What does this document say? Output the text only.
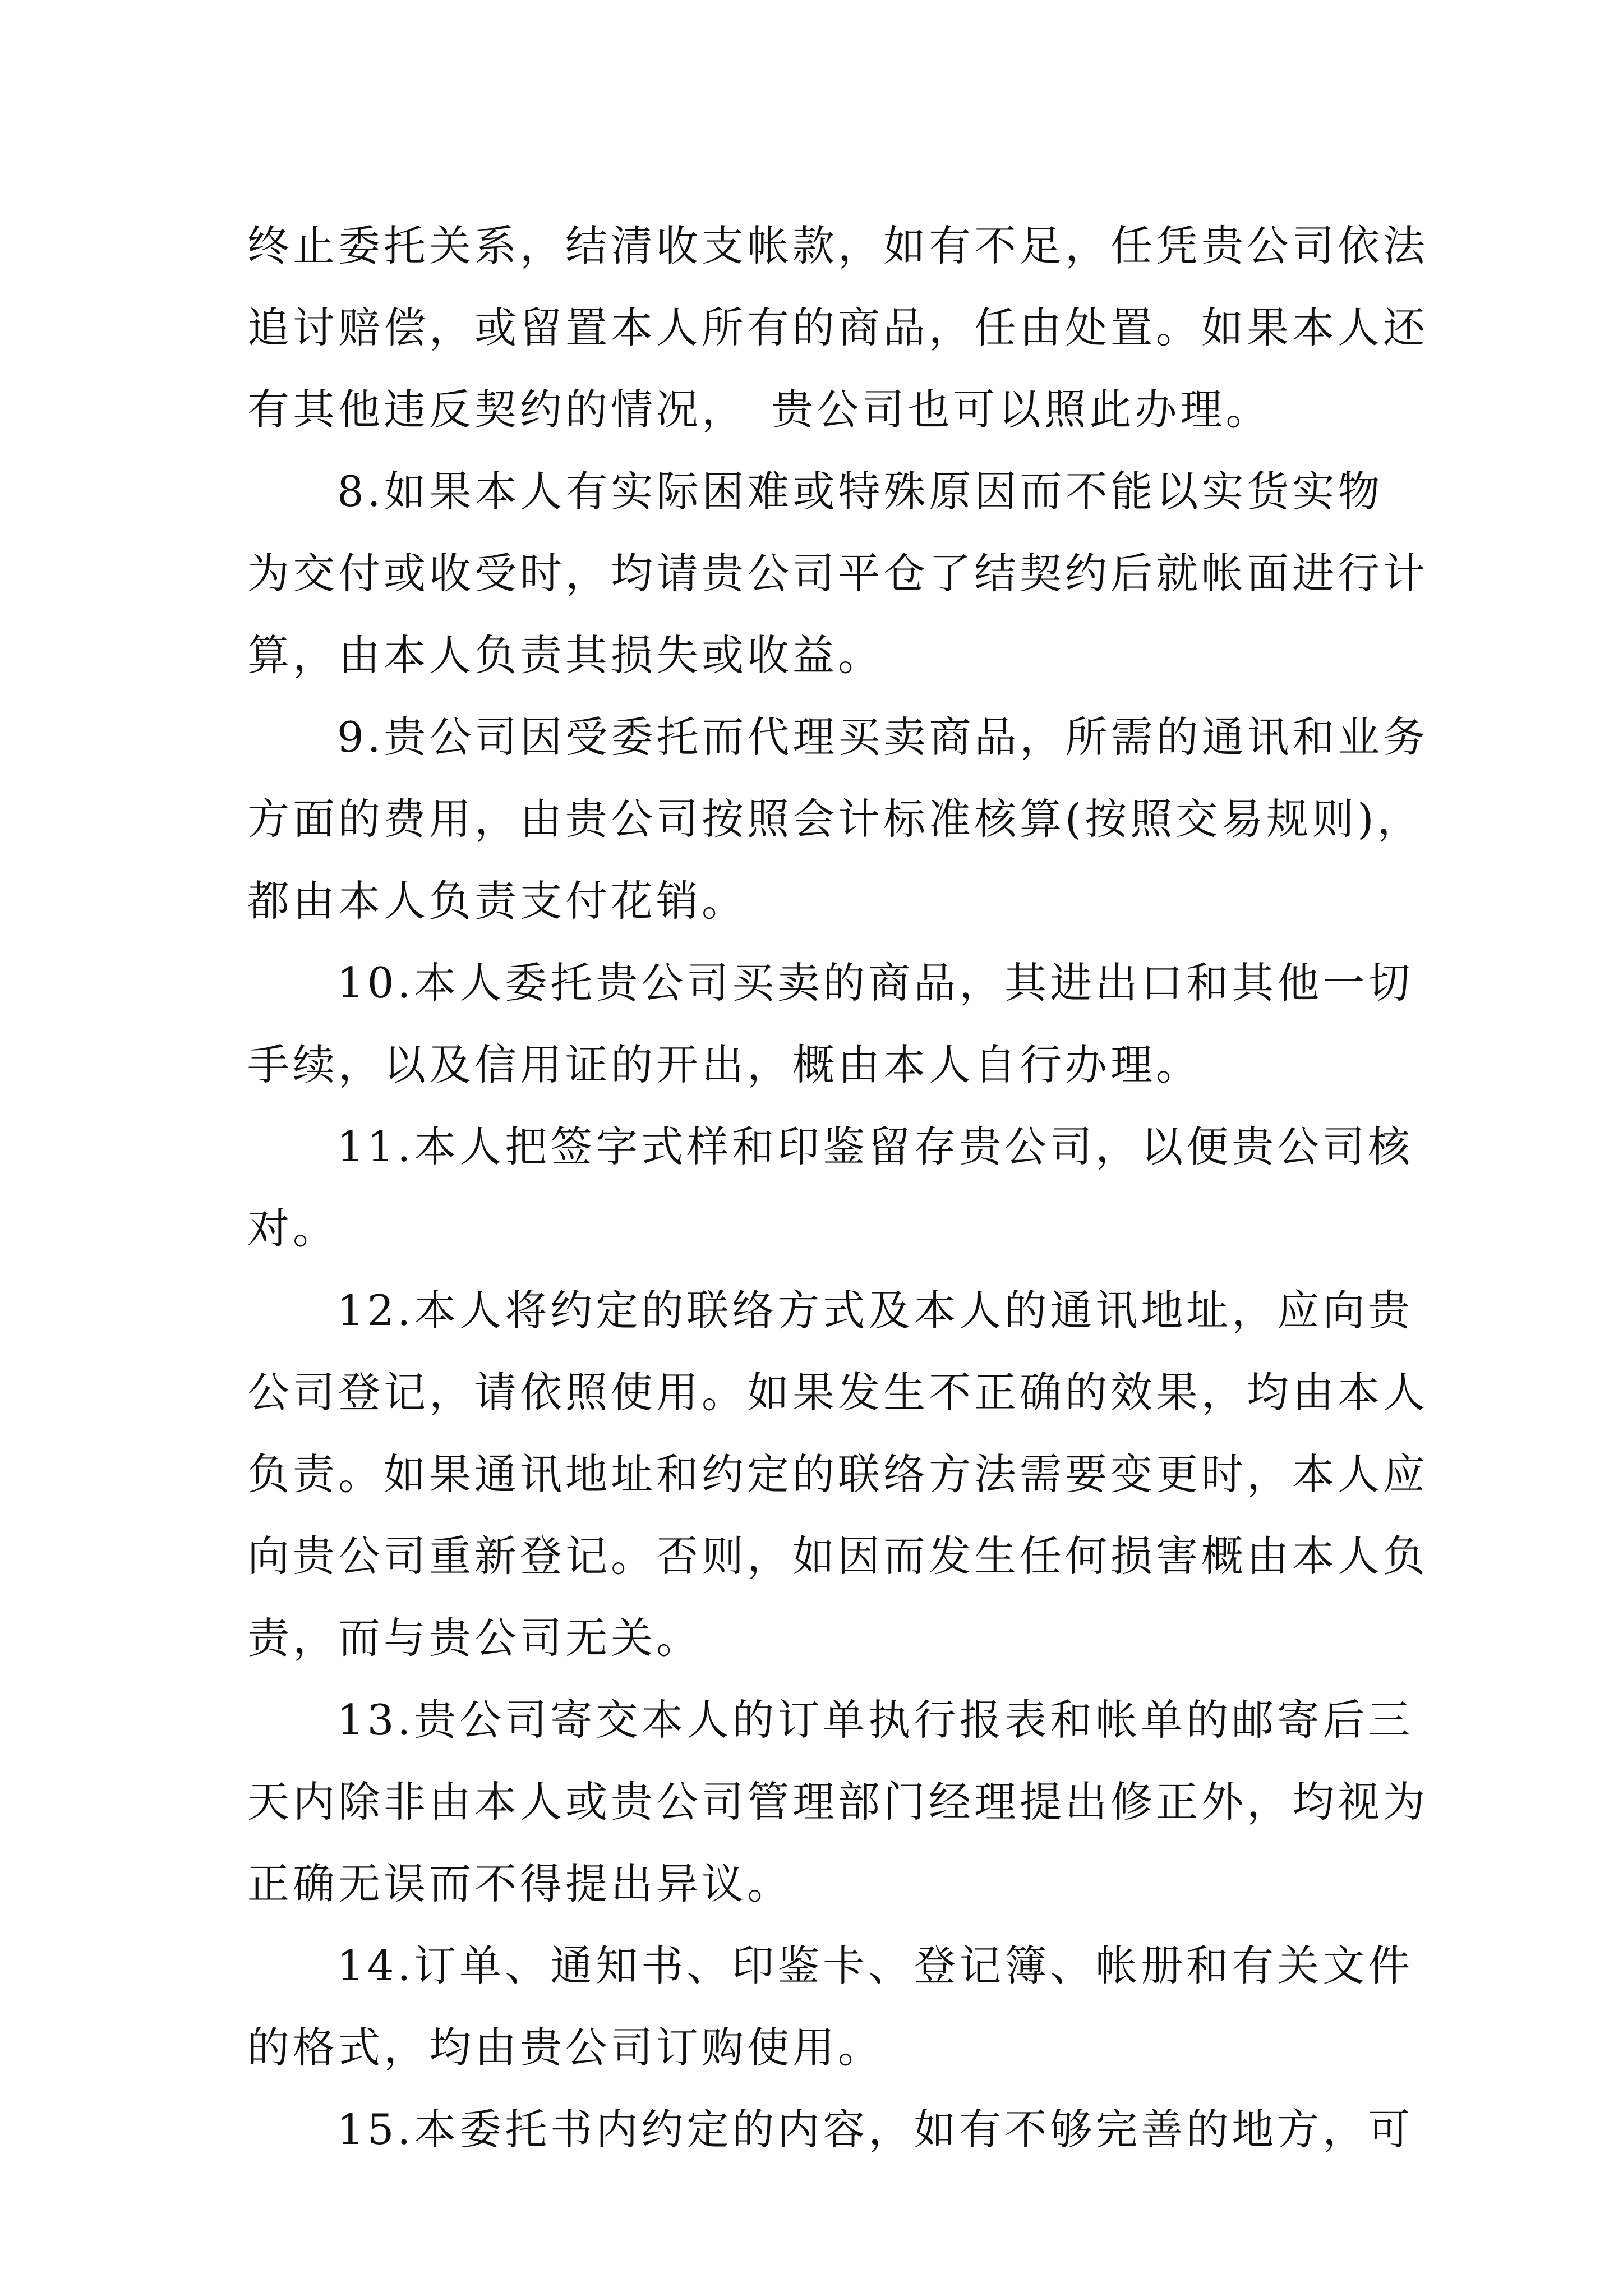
终止委托关系，结清收支帐款，如有不足，任凭贵公司依法
追讨赔偿，或留置本人所有的商品，任由处置。如果本人还
有其他违反契约的情况，　贵公司也可以照此办理。
8.如果本人有实际困难或特殊原因而不能以实货实物
为交付或收受时，均请贵公司平仓了结契约后就帐面进行计
算，由本人负责其损失或收益。
9.贵公司因受委托而代理买卖商品，所需的通讯和业务
方面的费用，由贵公司按照会计标准核算(按照交易规则)，
都由本人负责支付花销。
10.本人委托贵公司买卖的商品，其进出口和其他一切
手续，以及信用证的开出，概由本人自行办理。
11.本人把签字式样和印鉴留存贵公司，以便贵公司核
对。
12.本人将约定的联络方式及本人的通讯地址，应向贵
公司登记，请依照使用。如果发生不正确的效果，均由本人
负责。如果通讯地址和约定的联络方法需要变更时，本人应
向贵公司重新登记。否则，如因而发生任何损害概由本人负
责，而与贵公司无关。
13.贵公司寄交本人的订单执行报表和帐单的邮寄后三
天内除非由本人或贵公司管理部门经理提出修正外，均视为
正确无误而不得提出异议。
14.订单、通知书、印鉴卡、登记簿、帐册和有关文件
的格式，均由贵公司订购使用。
15.本委托书内约定的内容，如有不够完善的地方，可
